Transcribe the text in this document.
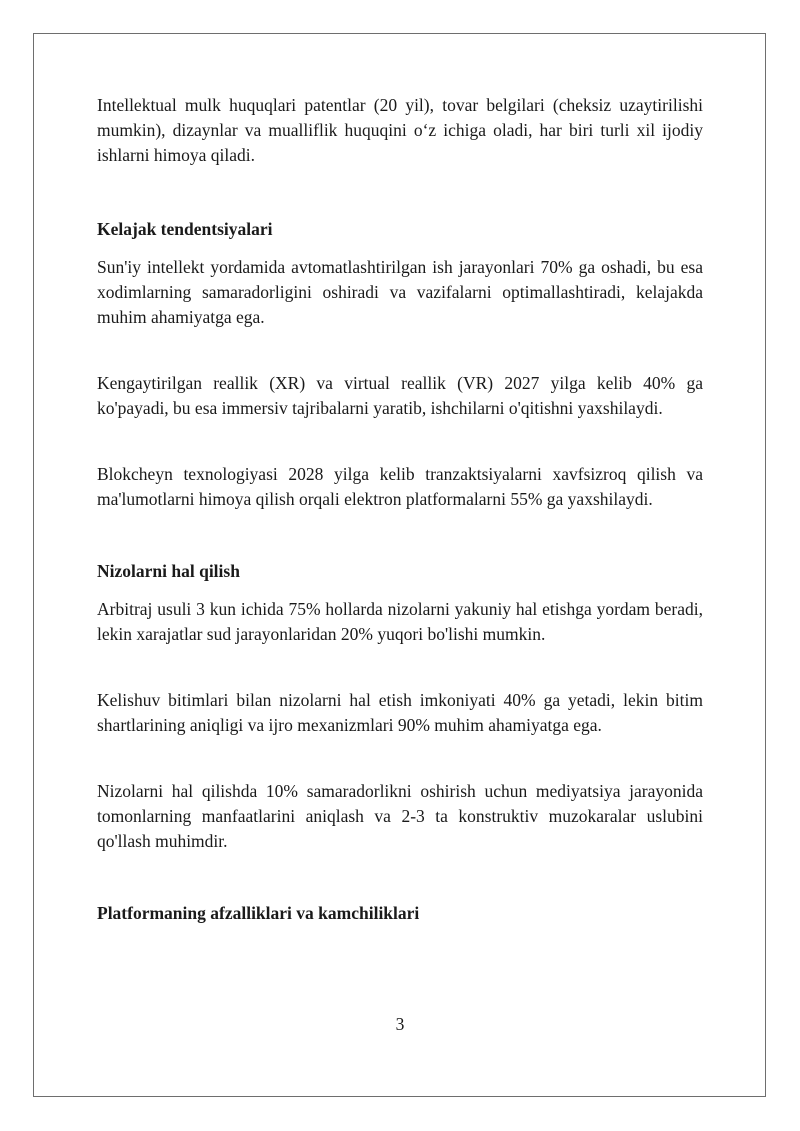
Intellektual mulk huquqlari patentlar (20 yil), tovar belgilari (cheksiz uzaytirilishi mumkin), dizaynlar va mualliflik huquqini o‘z ichiga oladi, har biri turli xil ijodiy ishlarni himoya qiladi.

Kelajak tendentsiyalari

Sun'iy intellekt yordamida avtomatlashtirilgan ish jarayonlari 70% ga oshadi, bu esa xodimlarning samaradorligini oshiradi va vazifalarni optimallashtiradi, kelajakda muhim ahamiyatga ega.

Kengaytirilgan reallik (XR) va virtual reallik (VR) 2027 yilga kelib 40% ga ko'payadi, bu esa immersiv tajribalarni yaratib, ishchilarni o'qitishni yaxshilaydi.

Blokcheyn texnologiyasi 2028 yilga kelib tranzaktsiyalarni xavfsizroq qilish va ma'lumotlarni himoya qilish orqali elektron platformalarni 55% ga yaxshilaydi.

Nizolarni hal qilish

Arbitraj usuli 3 kun ichida 75% hollarda nizolarni yakuniy hal etishga yordam beradi, lekin xarajatlar sud jarayonlaridan 20% yuqori bo'lishi mumkin.

Kelishuv bitimlari bilan nizolarni hal etish imkoniyati 40% ga yetadi, lekin bitim shartlarining aniqligi va ijro mexanizmlari 90% muhim ahamiyatga ega.

Nizolarni hal qilishda 10% samaradorlikni oshirish uchun mediyatsiya jarayonida tomonlarning manfaatlarini aniqlash va 2-3 ta konstruktiv muzokaralar uslubini qo'llash muhimdir.

Platformaning afzalliklari va kamchiliklari
3
